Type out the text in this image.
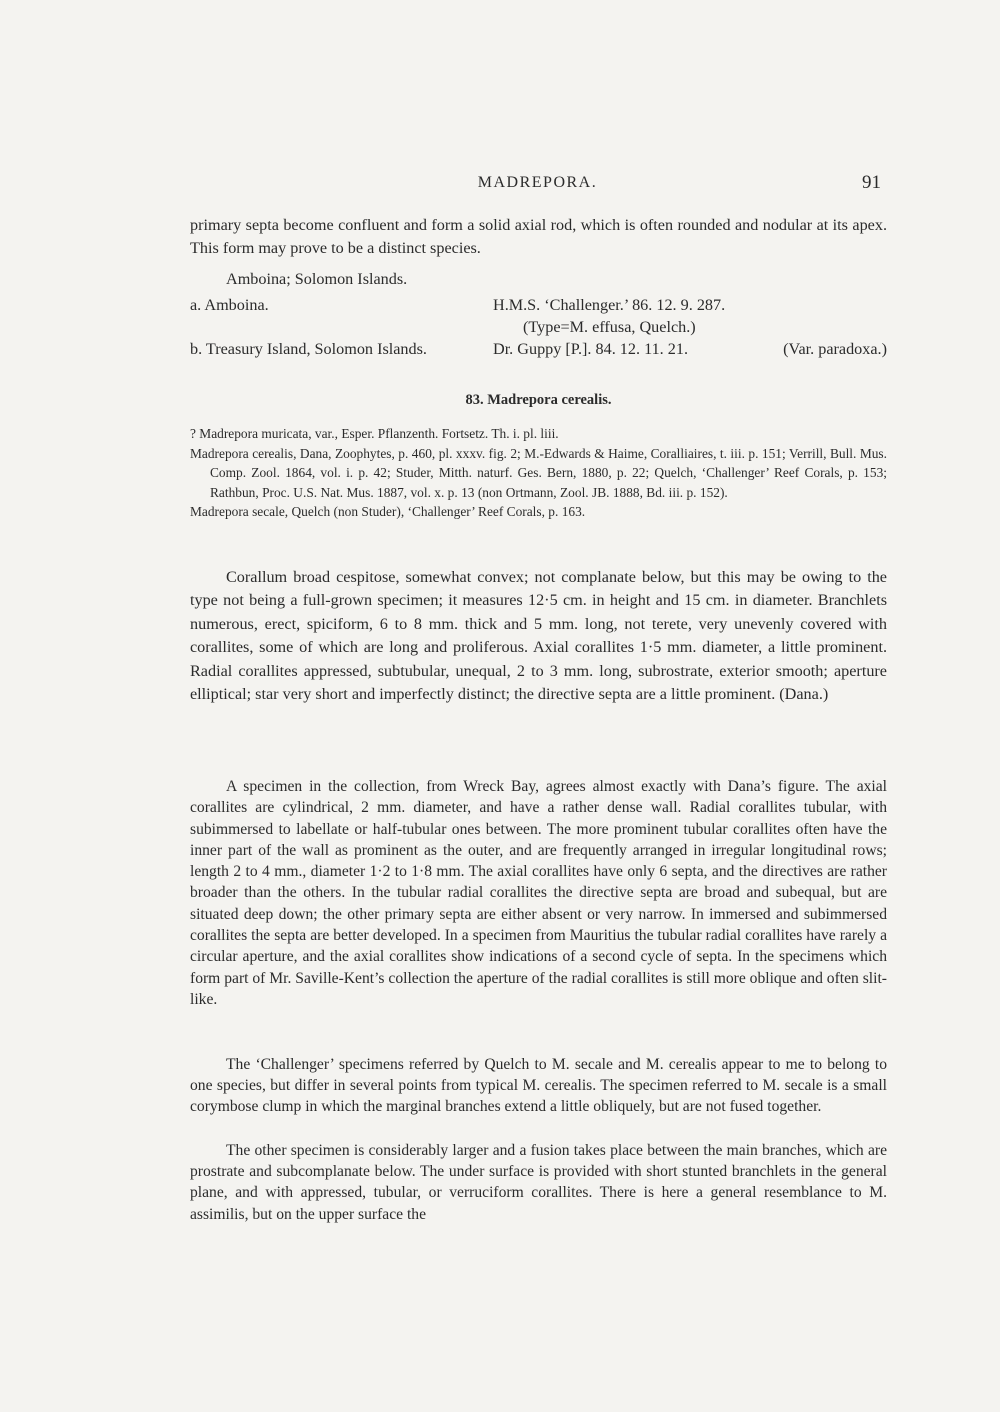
MADREPORA.	91

primary septa become confluent and form a solid axial rod, which is often rounded and nodular at its apex. This form may prove to be a distinct species.

Amboina; Solomon Islands.

a. Amboina.	H.M.S. ‘Challenger.’ 86. 12. 9. 287.
(Type=M. effusa, Quelch.)
b. Treasury Island, Solomon Islands.	Dr. Guppy [P.]. 84. 12. 11. 21.	(Var. paradoxa.)

83. Madrepora cerealis.

? Madrepora muricata, var., Esper. Pflanzenth. Fortsetz. Th. i. pl. liii.

Madrepora cerealis, Dana, Zoophytes, p. 460, pl. xxxv. fig. 2; M.-Edwards & Haime, Coralliaires, t. iii. p. 151; Verrill, Bull. Mus. Comp. Zool. 1864, vol. i. p. 42; Studer, Mitth. naturf. Ges. Bern, 1880, p. 22; Quelch, ‘Challenger’ Reef Corals, p. 153; Rathbun, Proc. U.S. Nat. Mus. 1887, vol. x. p. 13 (non Ortmann, Zool. JB. 1888, Bd. iii. p. 152).

Madrepora secale, Quelch (non Studer), ‘Challenger’ Reef Corals, p. 163.

Corallum broad cespitose, somewhat convex; not complanate below, but this may be owing to the type not being a full-grown specimen; it measures 12·5 cm. in height and 15 cm. in diameter. Branchlets numerous, erect, spiciform, 6 to 8 mm. thick and 5 mm. long, not terete, very unevenly covered with corallites, some of which are long and proliferous. Axial corallites 1·5 mm. diameter, a little prominent. Radial corallites appressed, subtubular, unequal, 2 to 3 mm. long, subrostrate, exterior smooth; aperture elliptical; star very short and imperfectly distinct; the directive septa are a little prominent. (Dana.)

A specimen in the collection, from Wreck Bay, agrees almost exactly with Dana’s figure. The axial corallites are cylindrical, 2 mm. diameter, and have a rather dense wall. Radial corallites tubular, with subimmersed to labellate or half-tubular ones between. The more prominent tubular corallites often have the inner part of the wall as prominent as the outer, and are frequently arranged in irregular longitudinal rows; length 2 to 4 mm., diameter 1·2 to 1·8 mm. The axial corallites have only 6 septa, and the directives are rather broader than the others. In the tubular radial corallites the directive septa are broad and subequal, but are situated deep down; the other primary septa are either absent or very narrow. In immersed and subimmersed corallites the septa are better developed. In a specimen from Mauritius the tubular radial corallites have rarely a circular aperture, and the axial corallites show indications of a second cycle of septa. In the specimens which form part of Mr. Saville-Kent’s collection the aperture of the radial corallites is still more oblique and often slit-like.

The ‘Challenger’ specimens referred by Quelch to M. secale and M. cerealis appear to me to belong to one species, but differ in several points from typical M. cerealis. The specimen referred to M. secale is a small corymbose clump in which the marginal branches extend a little obliquely, but are not fused together.

The other specimen is considerably larger and a fusion takes place between the main branches, which are prostrate and subcomplanate below. The under surface is provided with short stunted branchlets in the general plane, and with appressed, tubular, or verruciform corallites. There is here a general resemblance to M. assimilis, but on the upper surface the
